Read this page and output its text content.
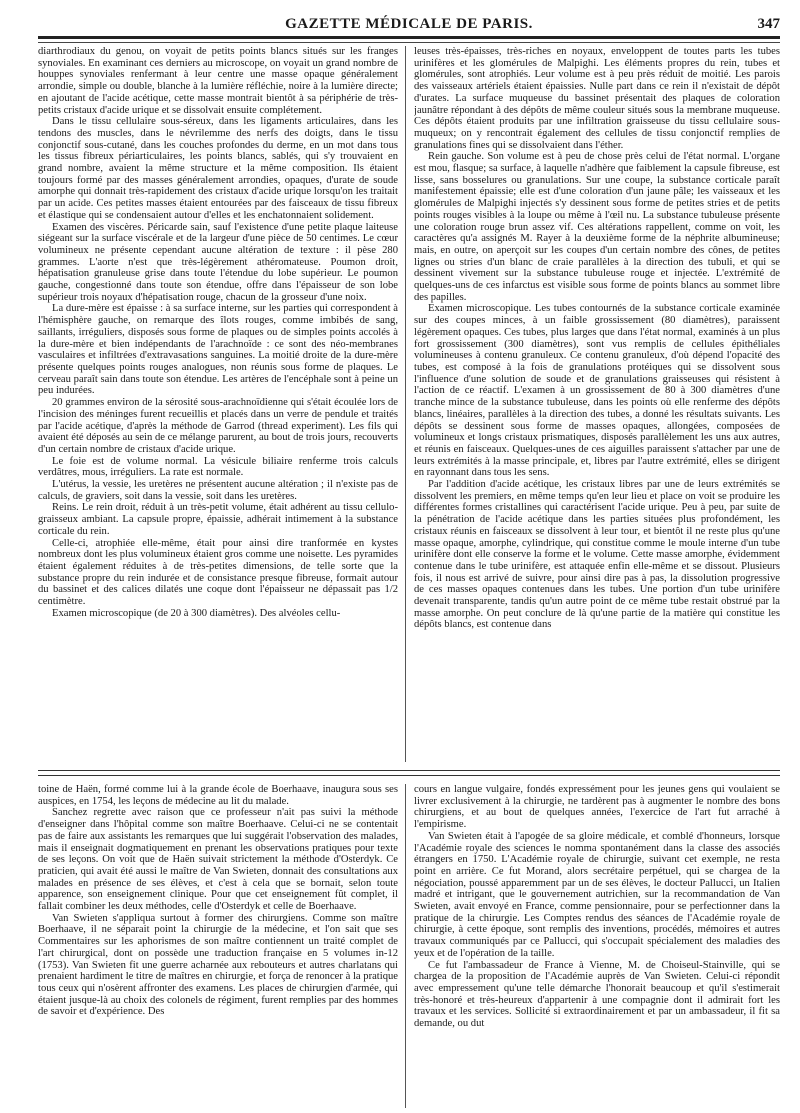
GAZETTE MÉDICALE DE PARIS.	347

diarthrodiaux du genou, on voyait de petits points blancs situés sur les franges synoviales. En examinant ces derniers au microscope, on voyait un grand nombre de houppes synoviales renfermant à leur centre une masse opaque généralement arrondie, simple ou double, blanche à la lumière réfléchie, noire à la lumière directe; en ajoutant de l'acide acétique, cette masse montrait bientôt à sa périphérie de très-petits cristaux d'acide urique et se dissolvait ensuite complétement.

Dans le tissu cellulaire sous-séreux, dans les ligaments articulaires, dans les tendons des muscles, dans le névrilemme des nerfs des doigts, dans le tissu conjonctif sous-cutané, dans les couches profondes du derme, en un mot dans tous les tissus fibreux périarticulaires, les points blancs, sablés, qui s'y trouvaient en grand nombre, avaient la même structure et la même composition. Ils étaient toujours formé par des masses généralement arrondies, opaques, d'urate de soude amorphe qui donnait très-rapidement des cristaux d'acide urique lorsqu'on les traitait par un acide. Ces petites masses étaient entourées par des faisceaux de tissu fibreux et élastique qui se condensaient autour d'elles et les enchatonnaient solidement.

Examen des viscères. Péricarde sain, sauf l'existence d'une petite plaque laiteuse siégeant sur la surface viscérale et de la largeur d'une pièce de 50 centimes. Le cœur volumineux ne présente cependant aucune altération de texture : il pèse 280 grammes. L'aorte n'est que très-légèrement athéromateuse. Poumon droit, hépatisation granuleuse grise dans toute l'étendue du lobe supérieur. Le poumon gauche, congestionné dans toute son étendue, offre dans l'épaisseur de son lobe supérieur trois noyaux d'hépatisation rouge, chacun de la grosseur d'une noix.

La dure-mère est épaisse : à sa surface interne, sur les parties qui correspondent à l'hémisphère gauche, on remarque des îlots rouges, comme imbibés de sang, saillants, irréguliers, disposés sous forme de plaques ou de simples points accolés à la dure-mère et bien indépendants de l'arachnoïde : ce sont des néo-membranes vasculaires et infiltrées d'extravasations sanguines. La moitié droite de la dure-mère présente quelques points rouges analogues, non réunis sous forme de plaques. Le cerveau paraît sain dans toute son étendue. Les artères de l'encéphale sont à peine un peu indurées.

20 grammes environ de la sérosité sous-arachnoïdienne qui s'était écoulée lors de l'incision des méninges furent recueillis et placés dans un verre de pendule et traités par l'acide acétique, d'après la méthode de Garrod (thread experiment). Les fils qui avaient été déposés au sein de ce mélange parurent, au bout de trois jours, recouverts d'un certain nombre de cristaux d'acide urique.

Le foie est de volume normal. La vésicule biliaire renferme trois calculs verdâtres, mous, irréguliers. La rate est normale.

L'utérus, la vessie, les uretères ne présentent aucune altération ; il n'existe pas de calculs, de graviers, soit dans la vessie, soit dans les uretères.

Reins. Le rein droit, réduit à un très-petit volume, était adhérent au tissu cellulo-graisseux ambiant. La capsule propre, épaissie, adhérait intimement à la substance corticale du rein.

Celle-ci, atrophiée elle-même, était pour ainsi dire tranformée en kystes nombreux dont les plus volumineux étaient gros comme une noisette. Les pyramides étaient également réduites à de très-petites dimensions, de telle sorte que la substance propre du rein indurée et de consistance presque fibreuse, formait autour du bassinet et des calices dilatés une coque dont l'épaisseur ne dépassait pas 1/2 centimètre.

Examen microscopique (de 20 à 300 diamètres). Des alvéoles cellu-

leuses très-épaisses, très-riches en noyaux, enveloppent de toutes parts les tubes urinifères et les glomérules de Malpighi. Les éléments propres du rein, tubes et glomérules, sont atrophiés. Leur volume est à peu près réduit de moitié. Les parois des vaisseaux artériels étaient épaissies. Nulle part dans ce rein il n'existait de dépôt d'urates. La surface muqueuse du bassinet présentait des plaques de coloration jaunâtre répondant à des dépôts de même couleur situés sous la membrane muqueuse. Ces dépôts étaient produits par une infiltration graisseuse du tissu cellulaire sous-muqueux; on y rencontrait également des cellules de tissu conjonctif remplies de granulations fines qui se dissolvaient dans l'éther.

Rein gauche. Son volume est à peu de chose près celui de l'état normal. L'organe est mou, flasque; sa surface, à laquelle n'adhère que faiblement la capsule fibreuse, est lisse, sans bosselures ou granulations. Sur une coupe, la substance corticale paraît manifestement épaissie; elle est d'une coloration d'un jaune pâle; les vaisseaux et les glomérules de Malpighi injectés s'y dessinent sous forme de petites stries et de petits points rouges visibles à la loupe ou même à l'œil nu. La substance tubuleuse présente une coloration rouge brun assez vif. Ces altérations rappellent, comme on voit, les caractères qu'a assignés M. Rayer à la deuxième forme de la néphrite albumineuse; mais, en outre, on aperçoit sur les coupes d'un certain nombre des cônes, de petites lignes ou stries d'un blanc de craie parallèles à la direction des tubuli, et qui se dessinent vivement sur la substance tubuleuse rouge et injectée. L'extrémité de quelques-uns de ces infarctus est visible sous forme de points blancs au sommet libre des papilles.

Examen microscopique. Les tubes contournés de la substance corticale examinée sur des coupes minces, à un faible grossissement (80 diamètres), paraissent légèrement opaques. Ces tubes, plus larges que dans l'état normal, examinés à un plus fort grossissement (300 diamètres), sont vus remplis de cellules épithéliales volumineuses à contenu granuleux. Ce contenu granuleux, d'où dépend l'opacité des tubes, est composé à la fois de granulations protéiques qui se dissolvent sous l'influence d'une solution de soude et de granulations graisseuses qui résistent à l'action de ce réactif. L'examen à un grossissement de 80 à 300 diamètres d'une tranche mince de la substance tubuleuse, dans les points où elle renferme des dépôts blancs, linéaires, parallèles à la direction des tubes, a donné les résultats suivants. Les dépôts se dessinent sous forme de masses opaques, allongées, composées de volumineux et longs cristaux prismatiques, disposés parallèlement les uns aux autres, et réunis en faisceaux. Quelques-unes de ces aiguilles paraissent s'attacher par une de leurs extrémités à la masse principale, et, libres par l'autre extrémité, elles se dirigent en rayonnant dans tous les sens.

Par l'addition d'acide acétique, les cristaux libres par une de leurs extrémités se dissolvent les premiers, en même temps qu'en leur lieu et place on voit se produire les différentes formes cristallines qui caractérisent l'acide urique. Peu à peu, par suite de la pénétration de l'acide acétique dans les parties situées plus profondément, les cristaux réunis en faisceaux se dissolvent à leur tour, et bientôt il ne reste plus qu'une masse opaque, amorphe, cylindrique, qui constitue comme le moule interne d'un tube urinifère dont elle conserve la forme et le volume. Cette masse amorphe, évidemment contenue dans le tube urinifère, est attaquée enfin elle-même et se dissout. Plusieurs fois, il nous est arrivé de suivre, pour ainsi dire pas à pas, la dissolution progressive de ces masses opaques contenues dans les tubes. Une portion d'un tube urinifère devenait transparente, tandis qu'un autre point de ce même tube restait obstrué par la masse amorphe. On peut conclure de là qu'une partie de la matière qui constitue les dépôts blancs, est contenue dans

toine de Haën, formé comme lui à la grande école de Boerhaave, inaugura sous ses auspices, en 1754, les leçons de médecine au lit du malade.

Sanchez regrette avec raison que ce professeur n'ait pas suivi la méthode d'enseigner dans l'hôpital comme son maître Boerhaave. Celui-ci ne se contentait pas de faire aux assistants les remarques que lui suggérait l'observation des malades, mais il enseignait dogmatiquement en prenant les observations pratiques pour texte de ses leçons. On voit que de Haën suivait strictement la méthode d'Osterdyk. Ce praticien, qui avait été aussi le maître de Van Swieten, donnait des consultations aux malades en présence de ses élèves, et c'est à cela que se bornait, selon toute apparence, son enseignement clinique. Pour que cet enseignement fût complet, il fallait combiner les deux méthodes, celle d'Osterdyk et celle de Boerhaave.

Van Swieten s'appliqua surtout à former des chirurgiens. Comme son maître Boerhaave, il ne séparait point la chirurgie de la médecine, et l'on sait que ses Commentaires sur les aphorismes de son maître contiennent un traité complet de l'art chirurgical, dont on possède une traduction française en 5 volumes in-12 (1753). Van Swieten fit une guerre acharnée aux rebouteurs et autres charlatans qui prenaient hardiment le titre de maîtres en chirurgie, et força de renoncer à la pratique tous ceux qui n'osèrent affronter des examens. Les places de chirurgien d'armée, qui étaient jusque-là au choix des colonels de régiment, furent remplies par des hommes de savoir et d'expérience. Des

cours en langue vulgaire, fondés expressément pour les jeunes gens qui voulaient se livrer exclusivement à la chirurgie, ne tardèrent pas à augmenter le nombre des bons chirurgiens, et au bout de quelques années, l'exercice de l'art fut arraché à l'empirisme.

Van Swieten était à l'apogée de sa gloire médicale, et comblé d'honneurs, lorsque l'Académie royale des sciences le nomma spontanément dans la classe des associés étrangers en 1750. L'Académie royale de chirurgie, suivant cet exemple, ne resta point en arrière. Ce fut Morand, alors secrétaire perpétuel, qui se chargea de la négociation, poussé apparemment par un de ses élèves, le docteur Pallucci, un Italien madré et intrigant, que le gouvernement autrichien, sur la recommandation de Van Swieten, avait envoyé en France, comme pensionnaire, pour se perfectionner dans la pratique de la chirurgie. Les Comptes rendus des séances de l'Académie royale de chirurgie, à cette époque, sont remplis des inventions, procédés, mémoires et autres travaux communiqués par ce Pallucci, qui s'occupait spécialement des maladies des yeux et de l'opération de la taille.

Ce fut l'ambassadeur de France à Vienne, M. de Choiseul-Stainville, qui se chargea de la proposition de l'Académie auprès de Van Swieten. Celui-ci répondit avec empressement qu'une telle démarche l'honorait beaucoup et qu'il s'estimerait très-honoré et très-heureux d'appartenir à une compagnie dont il admirait fort les travaux et les services. Sollicité si extraordinairement et par un ambassadeur, il fit sa demande, ou dut
